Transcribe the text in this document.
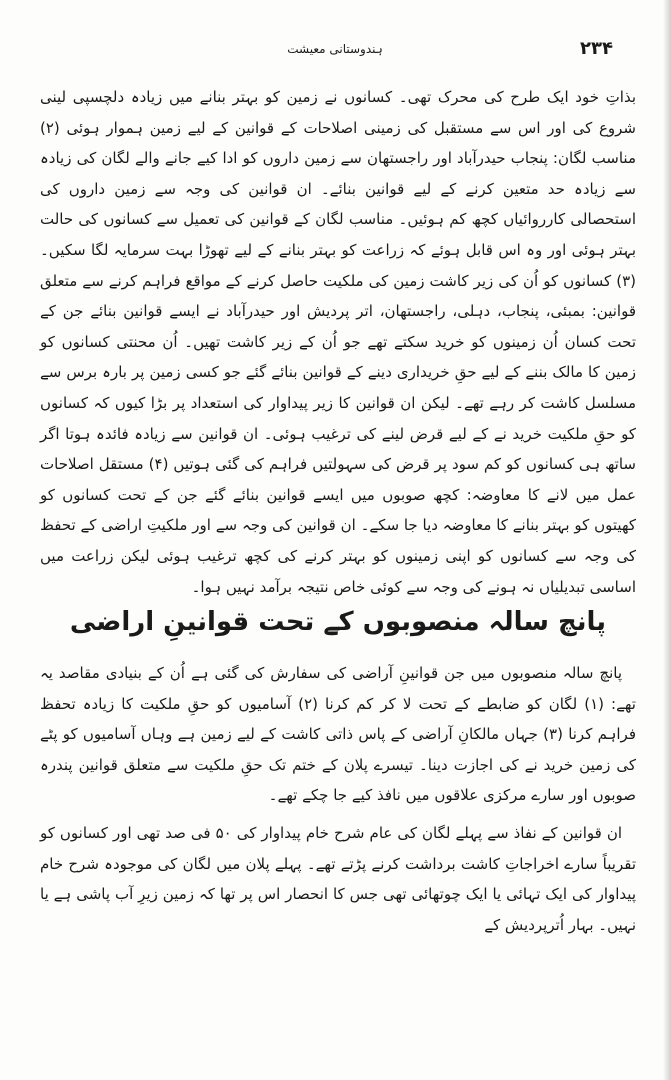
۲۳۴
ہندوستانی معیشت

بذاتِ خود ایک طرح کی محرک تھی۔ کسانوں نے زمین کو بہتر بنانے میں زیادہ دلچسپی لینی شروع کی اور اس سے مستقبل کی زمینی اصلاحات کے قوانین کے لیے زمین ہموار ہوئی (۲) مناسب لگان: پنجاب حیدرآباد اور راجستھان سے زمین داروں کو ادا کیے جانے والے لگان کی زیادہ سے زیادہ حد متعین کرنے کے لیے قوانین بنائے۔ ان قوانین کی وجہ سے زمین داروں کی استحصالی کارروائیاں کچھ کم ہوئیں۔ مناسب لگان کے قوانین کی تعمیل سے کسانوں کی حالت بہتر ہوئی اور وہ اس قابل ہوئے کہ زراعت کو بہتر بنانے کے لیے تھوڑا بہت سرمایہ لگا سکیں۔ (۳) کسانوں کو اُن کی زیر کاشت زمین کی ملکیت حاصل کرنے کے مواقع فراہم کرنے سے متعلق قوانین: بمبئی، پنجاب، دہلی، راجستھان، اتر پردیش اور حیدرآباد نے ایسے قوانین بنائے جن کے تحت کسان اُن زمینوں کو خرید سکتے تھے جو اُن کے زیر کاشت تھیں۔ اُن محنتی کسانوں کو زمین کا مالک بننے کے لیے حقِ خریداری دینے کے قوانین بنائے گئے جو کسی زمین پر بارہ برس سے مسلسل کاشت کر رہے تھے۔ لیکن ان قوانین کا زیر پیداوار کی استعداد پر بڑا کیوں کہ کسانوں کو حقِ ملکیت خرید نے کے لیے قرض لینے کی ترغیب ہوئی۔ ان قوانین سے زیادہ فائدہ ہوتا اگر ساتھ ہی کسانوں کو کم سود پر قرض کی سہولتیں فراہم کی گئی ہوتیں (۴) مستقل اصلاحات عمل میں لانے کا معاوضہ: کچھ صوبوں میں ایسے قوانین بنائے گئے جن کے تحت کسانوں کو کھیتوں کو بہتر بنانے کا معاوضہ دیا جا سکے۔ ان قوانین کی وجہ سے اور ملکیتِ اراضی کے تحفظ کی وجہ سے کسانوں کو اپنی زمینوں کو بہتر کرنے کی کچھ ترغیب ہوئی لیکن زراعت میں اساسی تبدیلیاں نہ ہونے کی وجہ سے کوئی خاص نتیجہ برآمد نہیں ہوا۔

پانچ سالہ منصوبوں کے تحت قوانینِ اراضی

پانچ سالہ منصوبوں میں جن قوانینِ آراضی کی سفارش کی گئی ہے اُن کے بنیادی مقاصد یہ تھے: (۱) لگان کو ضابطے کے تحت لا کر کم کرنا (۲) آسامیوں کو حقِ ملکیت کا زیادہ تحفظ فراہم کرنا (۳) جہاں مالکانِ آراضی کے پاس ذاتی کاشت کے لیے زمین ہے وہاں آسامیوں کو پٹے کی زمین خرید نے کی اجازت دینا۔ تیسرے پلان کے ختم تک حقِ ملکیت سے متعلق قوانین پندرہ صوبوں اور سارے مرکزی علاقوں میں نافذ کیے جا چکے تھے۔

ان قوانین کے نفاذ سے پہلے لگان کی عام شرح خام پیداوار کی ۵۰ فی صد تھی اور کسانوں کو تقریباً سارے اخراجاتِ کاشت برداشت کرنے پڑتے تھے۔ پہلے پلان میں لگان کی موجودہ شرح خام پیداوار کی ایک تہائی یا ایک چوتھائی تھی جس کا انحصار اس پر تھا کہ زمین زیرِ آب پاشی ہے یا نہیں۔ بہار اُترپردیش کے
